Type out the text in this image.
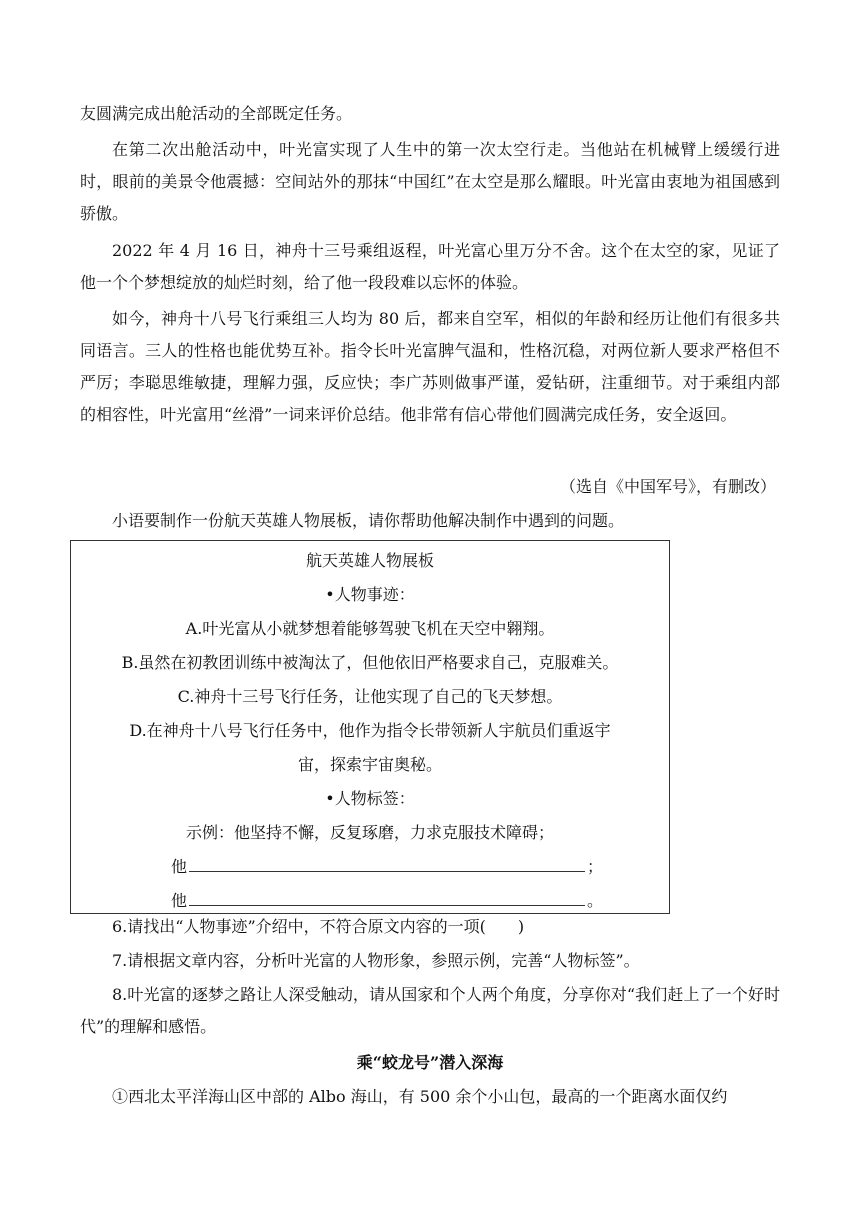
友圆满完成出舱活动的全部既定任务。

在第二次出舱活动中，叶光富实现了人生中的第一次太空行走。当他站在机械臂上缓缓行进时，眼前的美景令他震撼：空间站外的那抹“中国红”在太空是那么耀眼。叶光富由衷地为祖国感到骄傲。

2022 年 4 月 16 日，神舟十三号乘组返程，叶光富心里万分不舍。这个在太空的家，见证了他一个个梦想绽放的灿烂时刻，给了他一段段难以忘怀的体验。

如今，神舟十八号飞行乘组三人均为 80 后，都来自空军，相似的年龄和经历让他们有很多共同语言。三人的性格也能优势互补。指令长叶光富脾气温和，性格沉稳，对两位新人要求严格但不严厉；李聪思维敏捷，理解力强，反应快；李广苏则做事严谨，爱钻研，注重细节。对于乘组内部的相容性，叶光富用“丝滑”一词来评价总结。他非常有信心带他们圆满完成任务，安全返回。

（选自《中国军号》，有删改）

小语要制作一份航天英雄人物展板，请你帮助他解决制作中遇到的问题。

航天英雄人物展板
•人物事迹：
A.叶光富从小就梦想着能够驾驶飞机在天空中翱翔。
B.虽然在初教团训练中被淘汰了，但他依旧严格要求自己，克服难关。
C.神舟十三号飞行任务，让他实现了自己的飞天梦想。
D.在神舟十八号飞行任务中，他作为指令长带领新人宇航员们重返宇
宙，探索宇宙奥秘。
•人物标签：
示例：他坚持不懈，反复琢磨，力求克服技术障碍；
他	；
他	。
6.请找出“人物事迹”介绍中，不符合原文内容的一项(　　)
7.请根据文章内容，分析叶光富的人物形象，参照示例，完善“人物标签”。

8.叶光富的逐梦之路让人深受触动，请从国家和个人两个角度，分享你对“我们赶上了一个好时代”的理解和感悟。

乘“蛟龙号”潜入深海

①西北太平洋海山区中部的 Albo 海山，有 500 余个小山包，最高的一个距离水面仅约
